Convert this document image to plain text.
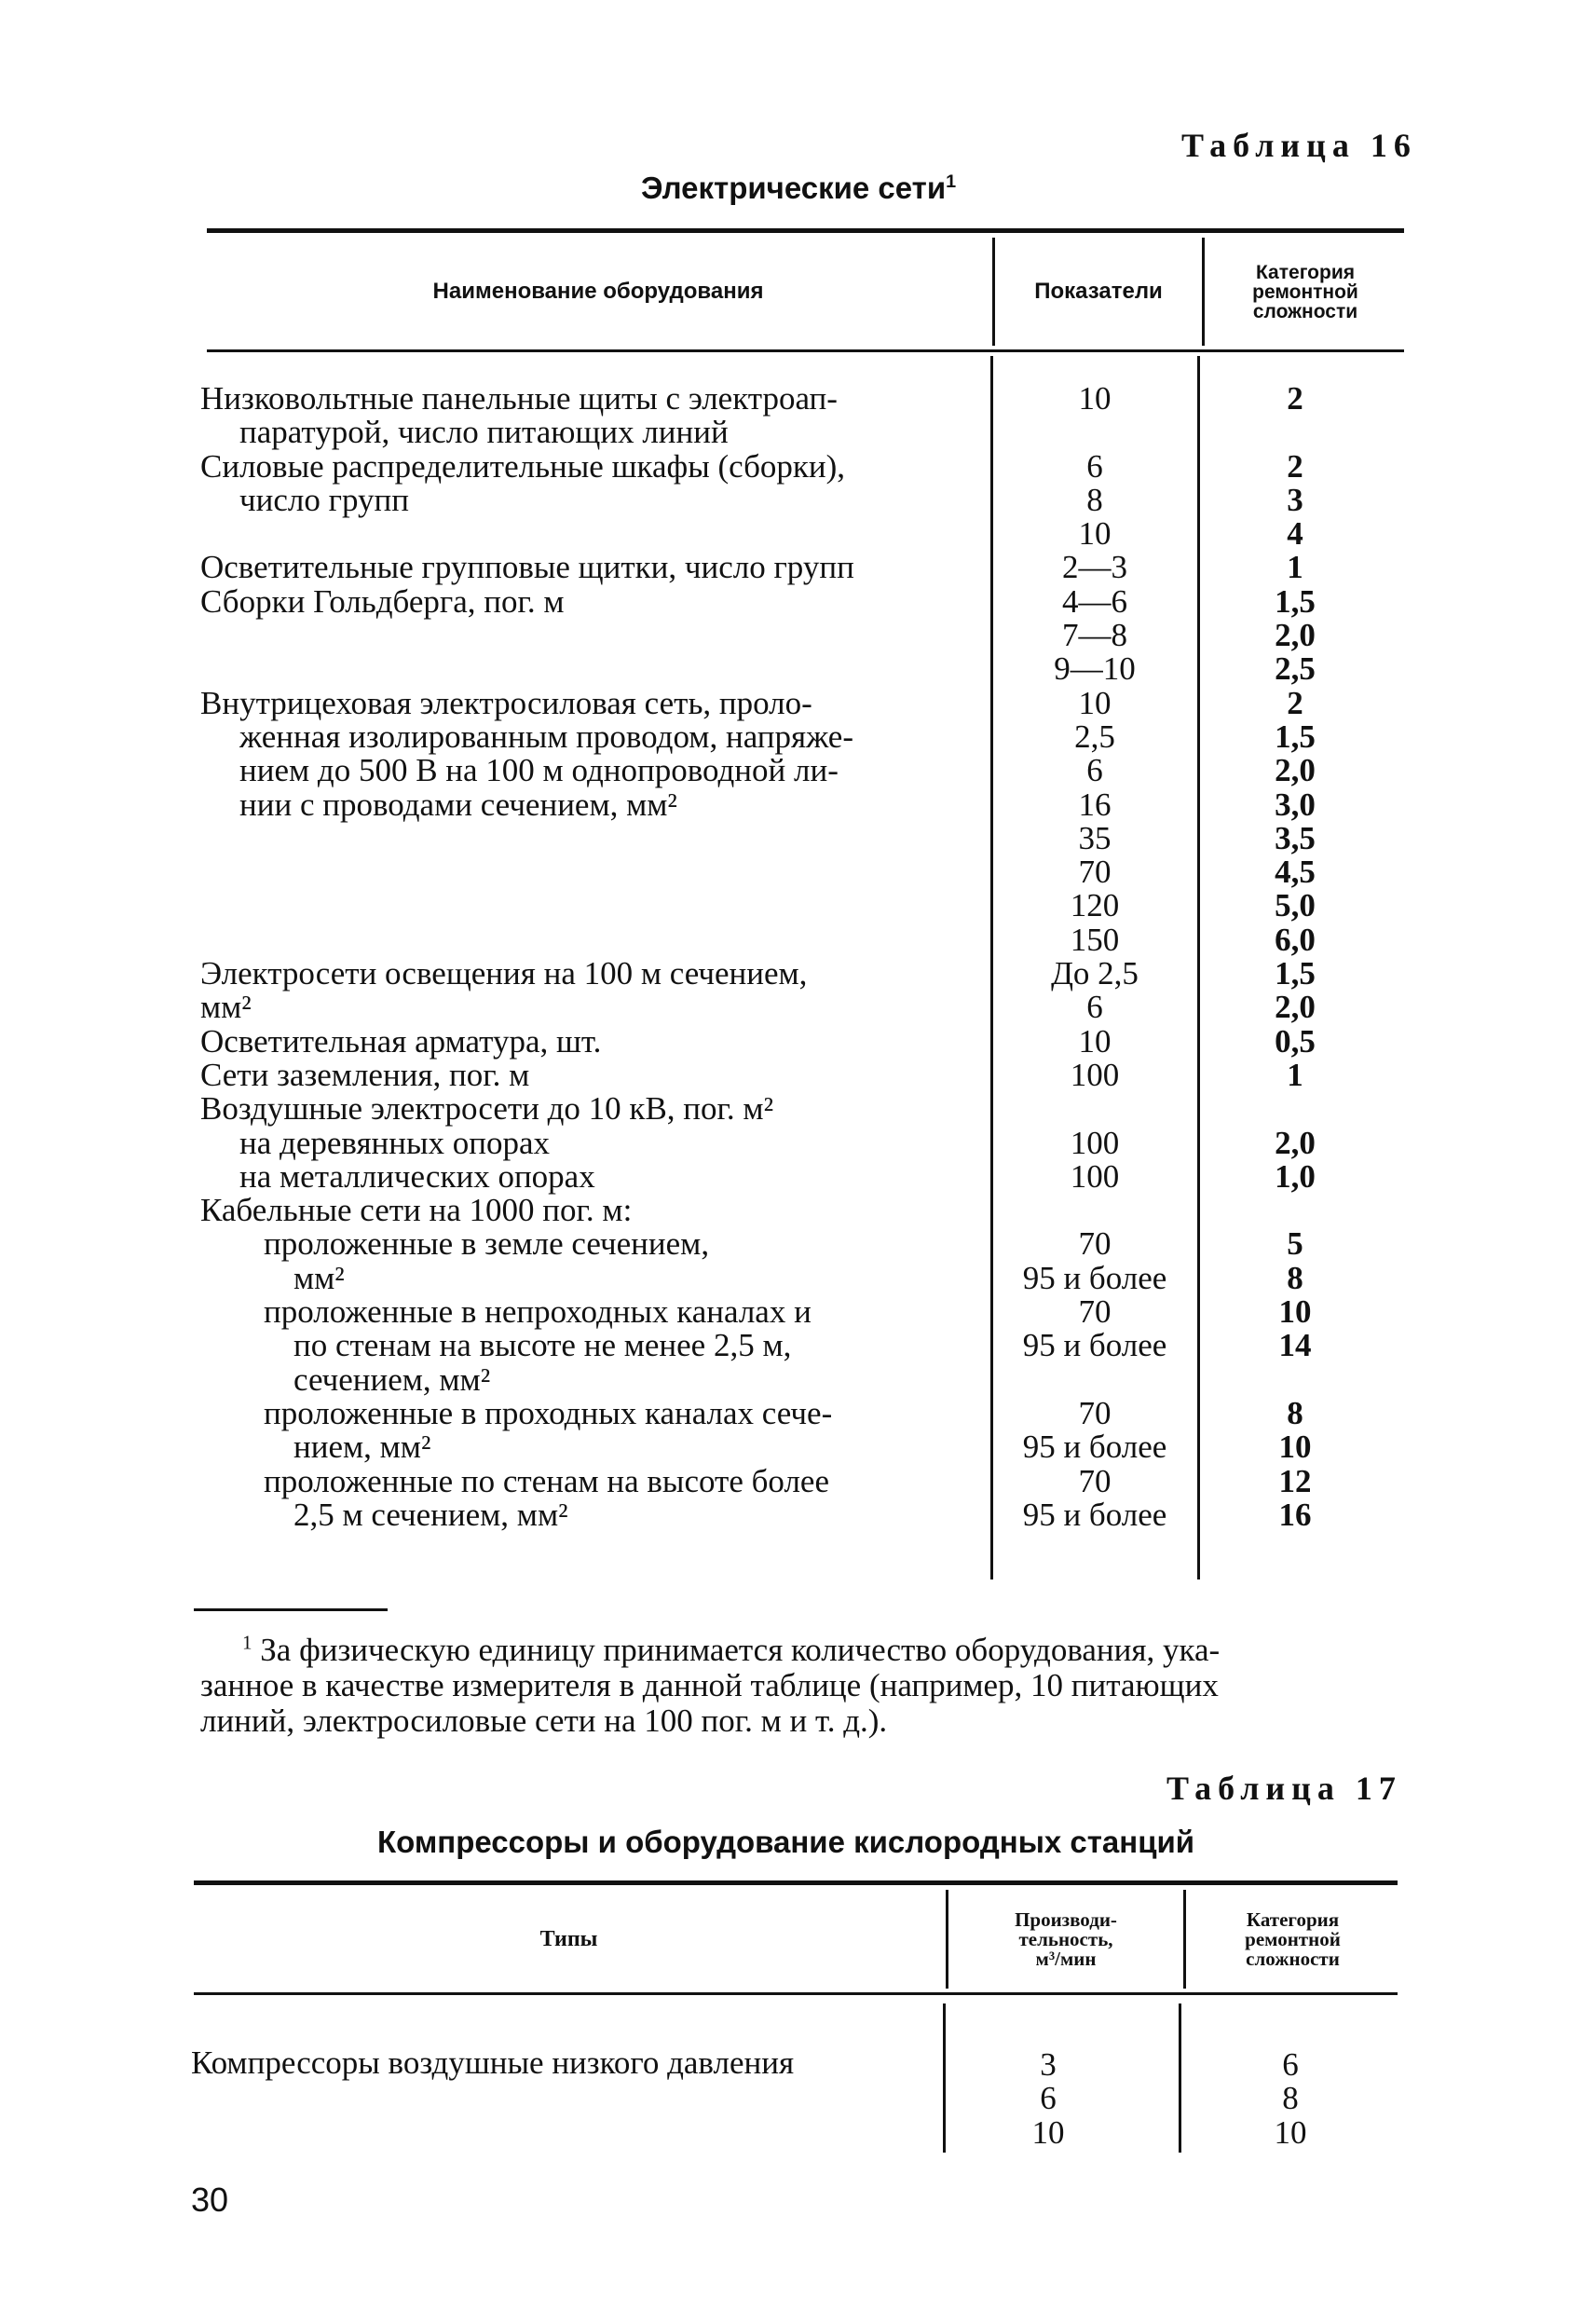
Таблица 16
Электрические сети$^1$
Наименование оборудования	Показатели
Категория
ремонтной
сложности
Низковольтные панельные щиты с электроап-
паратурой, число питающих линий
Силовые распределительные шкафы (сборки),
число групп
Осветительные групповые щитки, число групп
Сборки Гольдберга, пог. м
Внутрицеховая электросиловая сеть, проло-
женная изолированным проводом, напряже-
нием до 500 В на 100 м однопроводной ли-
нии с проводами сечением, мм²
Электросети освещения на 100 м сечением,
мм²
Осветительная арматура, шт.
Сети заземления, пог. м
Воздушные электросети до 10 кВ, пог. м²
на деревянных опорах
на металлических опорах
Кабельные сети на 1000 пог. м:
проложенные в земле сечением,
мм²
проложенные в непроходных каналах и
по стенам на высоте не менее 2,5 м,
сечением, мм²
проложенные в проходных каналах сече-
нием, мм²
проложенные по стенам на высоте более
2,5 м сечением, мм²
10
6
8
10
2—3
4—6
7—8
9—10
10
2,5
6
16
35
70
120
150
До 2,5
6
10
100
100
100
70
95 и более
70
95 и более
70
95 и более
70
95 и более
2
2
3
4
1
1,5
2,0
2,5
2
1,5
2,0
3,0
3,5
4,5
5,0
6,0
1,5
2,0
0,5
1
2,0
1,0
5
8
10
14
8
10
12
16
$^1$ За физическую единицу принимается количество оборудования, ука-
занное в качестве измерителя в данной таблице (например, 10 питающих
линий, электросиловые сети на 100 пог. м и т. д.).
Таблица 17
Компрессоры и оборудование кислородных станций
Типы
Производи-
тельность,
м³/мин
Категория
ремонтной
сложности
Компрессоры воздушные низкого давления	3
6
10
6
8
10
30
